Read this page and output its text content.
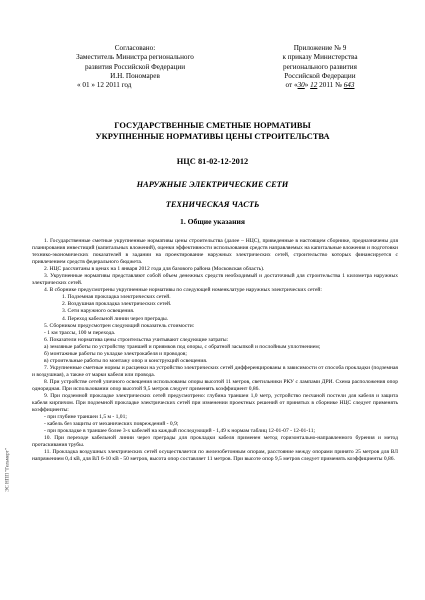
ЭС НПП "Гельмерт"
Согласовано:
Заместитель Министра регионального
развития Российской Федерации
И.Н. Пономарев
« 01 » 12 2011 год
Приложение № 9
к приказу Министерства
регионального развития
Российской Федерации
от «30» 12 2011 № 643
ГОСУДАРСТВЕННЫЕ СМЕТНЫЕ НОРМАТИВЫ
УКРУПНЕННЫЕ НОРМАТИВЫ ЦЕНЫ СТРОИТЕЛЬСТВА
НЦС 81-02-12-2012
НАРУЖНЫЕ ЭЛЕКТРИЧЕСКИЕ СЕТИ
ТЕХНИЧЕСКАЯ ЧАСТЬ
1. Общие указания

1. Государственные сметные укрупненные нормативы цены строительства (далее – НЦС), приведенные в настоящем сборнике, предназначены для планирования инвестиций (капитальных вложений), оценки эффективности использования средств направляемых на капитальные вложения и подготовки технико-экономических показателей в задании на проектирование наружных электрических сетей, строительство которых финансируется с привлечением средств федерального бюджета.

2. НЦС рассчитаны в ценах на 1 января 2012 года для базового района (Московская область).

3. Укрупненные нормативы представляют собой объем денежных средств необходимый и достаточный для строительства 1 километра наружных электрических сетей.

4. В сборнике предусмотрены укрупненные нормативы по следующей номенклатуре наружных электрических сетей:

1. Подземная прокладка электрических сетей.

2. Воздушная прокладка электрических сетей.

3. Сети наружного освещения.

4. Переход кабельной линии через преграды.

5. Сборником предусмотрен следующий показатель стоимости:

- 1 км трассы, 100 м перехода.

6. Показатели норматива цены строительства учитывают следующие затраты:

а) земляные работы по устройству траншей и приямков под опоры, с обратной засыпкой и послойным уплотнением;

б) монтажные работы по укладке электрокабеля и проводов;

в) строительные работы по монтажу опор и конструкций освещения.

7. Укрупненные сметные нормы и расценки на устройство электрических сетей дифференцированы в зависимости от способа прокладки (подземная и воздушная), а также от марки кабеля или провода.

8. При устройстве сетей уличного освещения использованы опоры высотой 11 метров, светильники РКУ с лампами ДРИ. Схема расположения опор однорядная. При использовании опор высотой 9,5 метров следует применять коэффициент 0,86.

9. При подземной прокладке электрических сетей предусмотрено: глубина траншеи 1,0 метр, устройство песчаной постели для кабеля и защита кабеля кирпичом. При подземной прокладке электрических сетей при изменении проектных решений от принятых в сборнике НЦС следует применять коэффициенты:

- при глубине траншеи 1,5 м - 1,01;

- кабель без защиты от механических повреждений - 0,9;

- при прокладке в траншее более 3-х кабелей на каждый последующий - 1,49 к нормам таблиц 12-01-07 - 12-01-11;

10. При переходе кабельной линии через преграды для прокладки кабеля применен метод горизонтально-направленного бурения и метод протаскивания трубы.

11. Прокладка воздушных электрических сетей осуществляется по железобетонным опорам, расстояние между опорами принято 25 метров для ВЛ напряжением 0,4 кВ, для ВЛ 6-10 кВ - 50 метров, высота опор составляет 11 метров. При высоте опор 9,5 метров следует применять коэффициенты 0,86.
